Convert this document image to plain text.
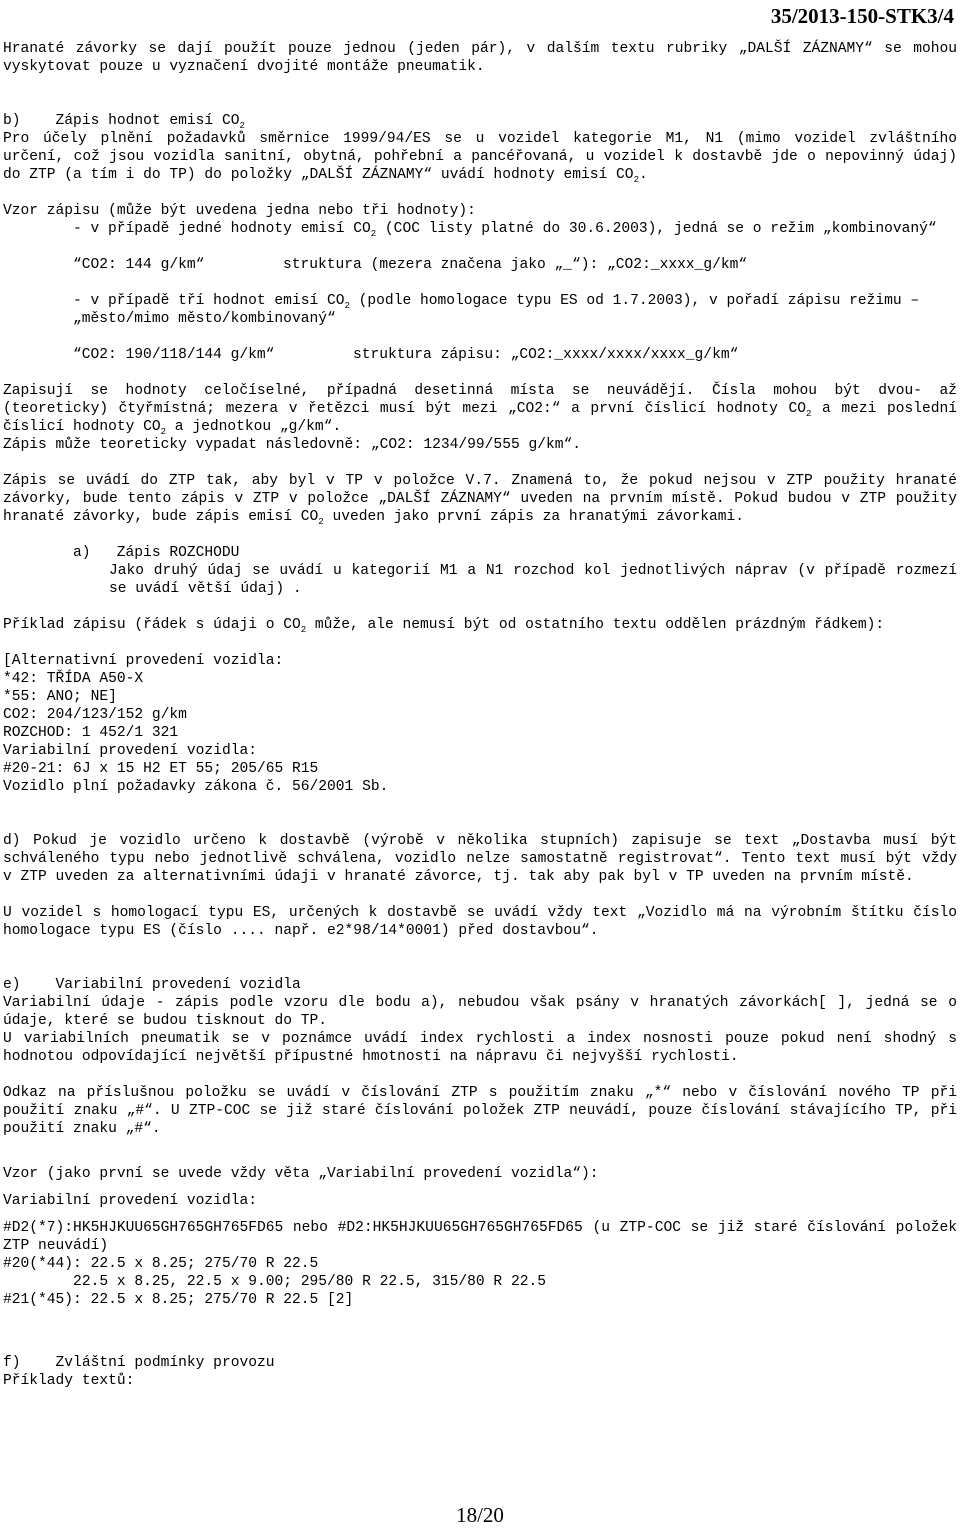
35/2013-150-STK3/4

Hranaté závorky se dají použít pouze jednou (jeden pár), v dalším textu rubriky „DALŠÍ ZÁZNAMY“ se mohou vyskytovat pouze u vyznačení dvojité montáže pneumatik.

b)    Zápis hodnot emisí $CO_2$

Pro účely plnění požadavků směrnice 1999/94/ES se u vozidel kategorie M1, N1 (mimo vozidel zvláštního určení, což jsou vozidla sanitní, obytná, pohřební a pancéřovaná, u vozidel k dostavbě jde o nepovinný údaj) do ZTP (a tím i do TP) do položky „DALŠÍ ZÁZNAMY“ uvádí hodnoty emisí $CO_2$.

Vzor zápisu (může být uvedena jedna nebo tři hodnoty):

- v případě jedné hodnoty emisí $CO_2$ (COC listy platné do 30.6.2003), jedná se o režim „kombinovaný“

“CO2: 144 g/km“	struktura (mezera značena jako „_“): „CO2:_xxxx_g/km“

- v případě tří hodnot emisí $CO_2$ (podle homologace typu ES od 1.7.2003), v pořadí zápisu režimu – „město/mimo město/kombinovaný“

“CO2: 190/118/144 g/km“	struktura zápisu: „CO2:_xxxx/xxxx/xxxx_g/km“

Zapisují se hodnoty celočíselné, případná desetinná místa se neuvádějí. Čísla mohou být dvou- až (teoreticky) čtyřmístná; mezera v řetězci musí být mezi „CO2:“ a první číslicí hodnoty $CO_2$ a mezi poslední číslicí hodnoty $CO_2$ a jednotkou „g/km“.

Zápis může teoreticky vypadat následovně: „CO2: 1234/99/555 g/km“.

Zápis se uvádí do ZTP tak, aby byl v TP v položce V.7. Znamená to, že pokud nejsou v ZTP použity hranaté závorky, bude tento zápis v ZTP v položce „DALŠÍ ZÁZNAMY“ uveden na prvním místě. Pokud budou v ZTP použity hranaté závorky, bude zápis emisí $CO_2$ uveden jako první zápis za hranatými závorkami.

a)   Zápis ROZCHODU

Jako druhý údaj se uvádí u kategorií M1 a N1 rozchod kol jednotlivých náprav (v případě rozmezí se uvádí větší údaj) .

Příklad zápisu (řádek s údaji o $CO_2$ může, ale nemusí být od ostatního textu oddělen prázdným řádkem):

[Alternativní provedení vozidla:

*42: TŘÍDA A50-X

*55: ANO; NE]

CO2: 204/123/152 g/km

ROZCHOD: 1 452/1 321

Variabilní provedení vozidla:

#20-21: 6J x 15 H2 ET 55; 205/65 R15

Vozidlo plní požadavky zákona č. 56/2001 Sb.

d) Pokud je vozidlo určeno k dostavbě (výrobě v několika stupních) zapisuje se text „Dostavba musí být schváleného typu nebo jednotlivě schválena, vozidlo nelze samostatně registrovat“. Tento text musí být vždy v ZTP uveden za alternativními údaji v hranaté závorce, tj. tak aby pak byl v TP uveden na prvním místě.

U vozidel s homologací typu ES, určených k dostavbě se uvádí vždy text „Vozidlo má na výrobním štítku číslo homologace typu ES (číslo .... např. e2*98/14*0001) před dostavbou“.

e)    Variabilní provedení vozidla

Variabilní údaje - zápis podle vzoru dle bodu a), nebudou však psány v hranatých závorkách[ ], jedná se o údaje, které se budou tisknout do TP.

U variabilních pneumatik se v poznámce uvádí index rychlosti a index nosnosti pouze pokud není shodný s hodnotou odpovídající největší přípustné hmotnosti na nápravu či nejvyšší rychlosti.

Odkaz na příslušnou položku se uvádí v číslování ZTP s použitím znaku „*“ nebo v číslování nového TP při použití znaku „#“. U ZTP-COC se již staré číslování položek ZTP neuvádí, pouze číslování stávajícího TP, při použití znaku „#“.

Vzor (jako první se uvede vždy věta „Variabilní provedení vozidla“):

Variabilní provedení vozidla:

#D2(*7):HK5HJKUU65GH765GH765FD65 nebo #D2:HK5HJKUU65GH765GH765FD65 (u ZTP-COC se již staré číslování položek ZTP neuvádí)

#20(*44): 22.5 x 8.25; 275/70 R 22.5

22.5 x 8.25, 22.5 x 9.00; 295/80 R 22.5, 315/80 R 22.5

#21(*45): 22.5 x 8.25; 275/70 R 22.5 [2]

f)    Zvláštní podmínky provozu

Příklady textů:

18/20
